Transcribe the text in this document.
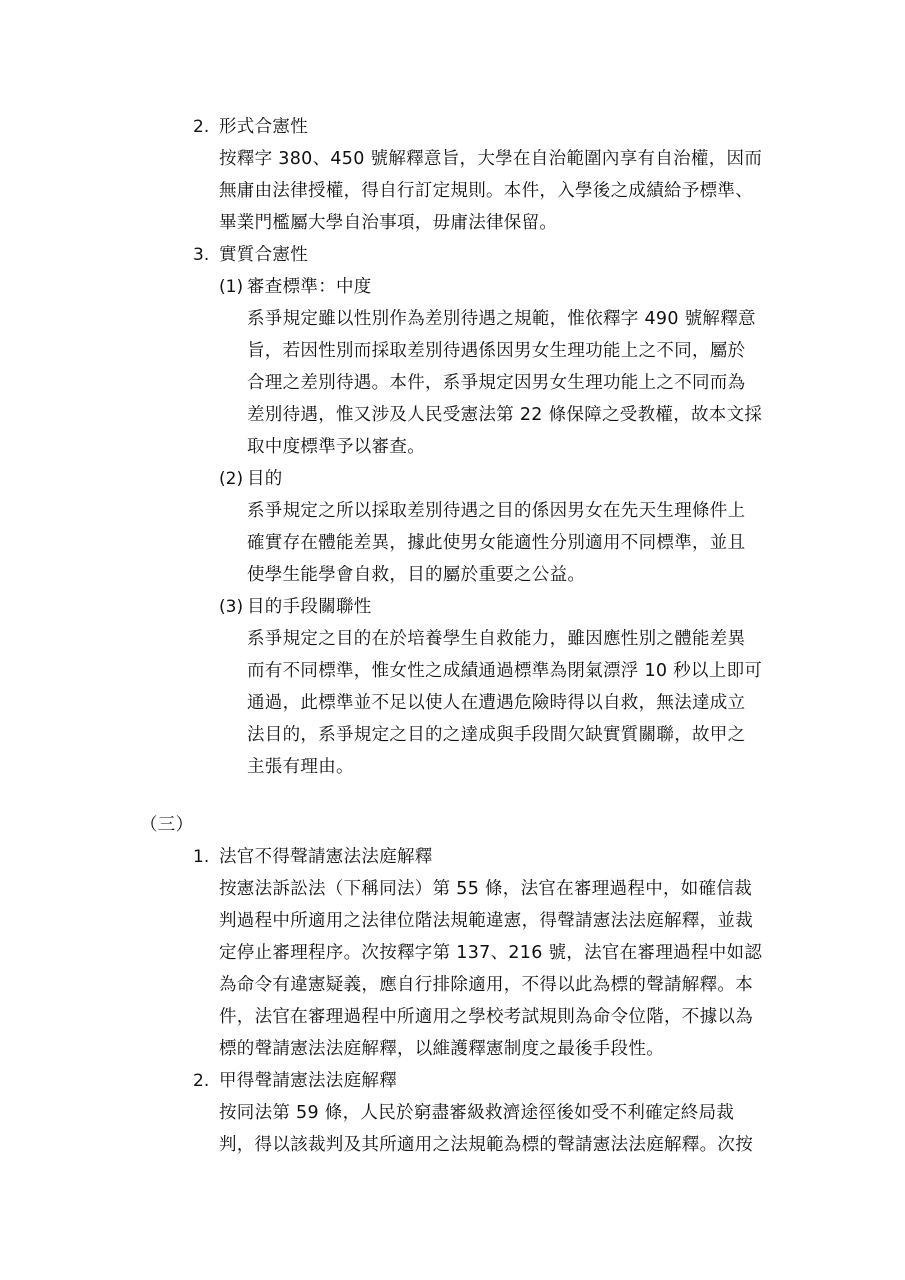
2. 形式合憲性
按釋字 380、450 號解釋意旨，大學在自治範圍內享有自治權，因而
無庸由法律授權，得自行訂定規則。本件，入學後之成績給予標準、
畢業門檻屬大學自治事項，毋庸法律保留。
3. 實質合憲性
(1) 審查標準：中度
系爭規定雖以性別作為差別待遇之規範，惟依釋字 490 號解釋意
旨，若因性別而採取差別待遇係因男女生理功能上之不同，屬於
合理之差別待遇。本件，系爭規定因男女生理功能上之不同而為
差別待遇，惟又涉及人民受憲法第 22 條保障之受教權，故本文採
取中度標準予以審查。
(2) 目的
系爭規定之所以採取差別待遇之目的係因男女在先天生理條件上
確實存在體能差異，據此使男女能適性分別適用不同標準，並且
使學生能學會自救，目的屬於重要之公益。
(3) 目的手段關聯性
系爭規定之目的在於培養學生自救能力，雖因應性別之體能差異
而有不同標準，惟女性之成績通過標準為閉氣漂浮 10 秒以上即可
通過，此標準並不足以使人在遭遇危險時得以自救，無法達成立
法目的，系爭規定之目的之達成與手段間欠缺實質關聯，故甲之
主張有理由。
（三）
1. 法官不得聲請憲法法庭解釋
按憲法訴訟法（下稱同法）第 55 條，法官在審理過程中，如確信裁
判過程中所適用之法律位階法規範違憲，得聲請憲法法庭解釋，並裁
定停止審理程序。次按釋字第 137、216 號，法官在審理過程中如認
為命令有違憲疑義，應自行排除適用，不得以此為標的聲請解釋。本
件，法官在審理過程中所適用之學校考試規則為命令位階，不據以為
標的聲請憲法法庭解釋，以維護釋憲制度之最後手段性。
2. 甲得聲請憲法法庭解釋
按同法第 59 條，人民於窮盡審級救濟途徑後如受不利確定終局裁
判，得以該裁判及其所適用之法規範為標的聲請憲法法庭解釋。次按
